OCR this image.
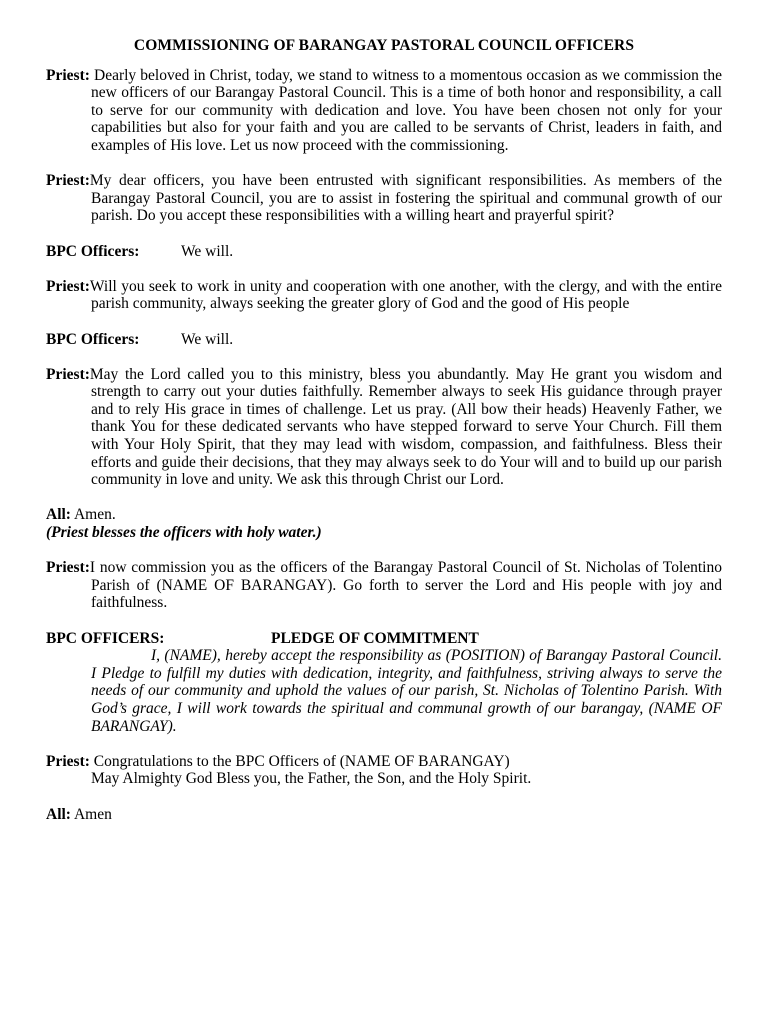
COMMISSIONING OF BARANGAY PASTORAL COUNCIL OFFICERS

Priest: Dearly beloved in Christ, today, we stand to witness to a momentous occasion as we commission the new officers of our Barangay Pastoral Council. This is a time of both honor and responsibility, a call to serve for our community with dedication and love. You have been chosen not only for your capabilities but also for your faith and you are called to be servants of Christ, leaders in faith, and examples of His love. Let us now proceed with the commissioning.

Priest:My dear officers, you have been entrusted with significant responsibilities. As members of the Barangay Pastoral Council, you are to assist in fostering the spiritual and communal growth of our parish. Do you accept these responsibilities with a willing heart and prayerful spirit?

BPC Officers:	We will.

Priest:Will you seek to work in unity and cooperation with one another, with the clergy, and with the entire parish community, always seeking the greater glory of God and the good of His people

BPC Officers:	We will.

Priest:May the Lord called you to this ministry, bless you abundantly. May He grant you wisdom and strength to carry out your duties faithfully. Remember always to seek His guidance through prayer and to rely His grace in times of challenge. Let us pray. (All bow their heads) Heavenly Father, we thank You for these dedicated servants who have stepped forward to serve Your Church. Fill them with Your Holy Spirit, that they may lead with wisdom, compassion, and faithfulness. Bless their efforts and guide their decisions, that they may always seek to do Your will and to build up our parish community in love and unity. We ask this through Christ our Lord.

All: Amen.

(Priest blesses the officers with holy water.)

Priest:I now commission you as the officers of the Barangay Pastoral Council of St. Nicholas of Tolentino Parish of (NAME OF BARANGAY). Go forth to server the Lord and His people with joy and faithfulness.

BPC OFFICERS:	PLEDGE OF COMMITMENT

I, (NAME), hereby accept the responsibility as (POSITION) of Barangay Pastoral Council. I Pledge to fulfill my duties with dedication, integrity, and faithfulness, striving always to serve the needs of our community and uphold the values of our parish, St. Nicholas of Tolentino Parish. With God’s grace, I will work towards the spiritual and communal growth of our barangay, (NAME OF BARANGAY).

Priest: Congratulations to the BPC Officers of (NAME OF BARANGAY)

May Almighty God Bless you, the Father, the Son, and the Holy Spirit.

All: Amen
